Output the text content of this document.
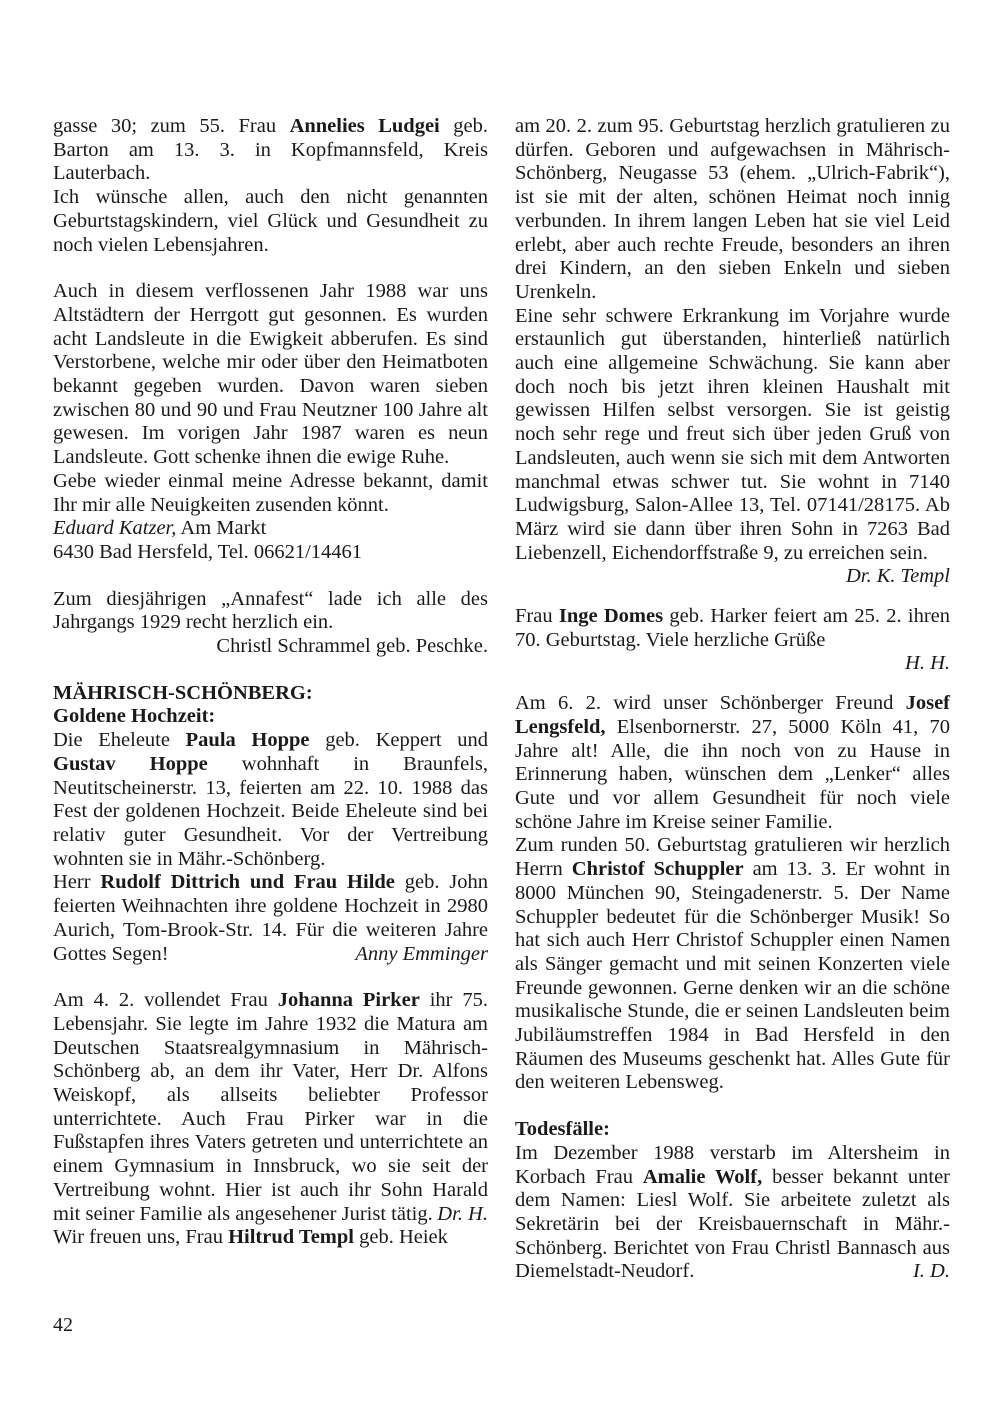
gasse 30; zum 55. Frau Annelies Ludgei geb. Barton am 13. 3. in Kopfmannsfeld, Kreis Lauterbach.

Ich wünsche allen, auch den nicht genannten Geburtstagskindern, viel Glück und Gesundheit zu noch vielen Lebensjahren.

Auch in diesem verflossenen Jahr 1988 war uns Altstädtern der Herrgott gut gesonnen. Es wurden acht Landsleute in die Ewigkeit abberufen. Es sind Verstorbene, welche mir oder über den Heimatboten bekannt gegeben wurden. Davon waren sieben zwischen 80 und 90 und Frau Neutzner 100 Jahre alt gewesen. Im vorigen Jahr 1987 waren es neun Landsleute. Gott schenke ihnen die ewige Ruhe.

Gebe wieder einmal meine Adresse bekannt, damit Ihr mir alle Neuigkeiten zusenden könnt.

Eduard Katzer, Am Markt

6430 Bad Hersfeld, Tel. 06621/14461

Zum diesjährigen „Annafest“ lade ich alle des Jahrgangs 1929 recht herzlich ein.

Christl Schrammel geb. Peschke.

MÄHRISCH-SCHÖNBERG:

Goldene Hochzeit:

Die Eheleute Paula Hoppe geb. Keppert und Gustav Hoppe wohnhaft in Braunfels, Neutitscheinerstr. 13, feierten am 22. 10. 1988 das Fest der goldenen Hochzeit. Beide Eheleute sind bei relativ guter Gesundheit. Vor der Vertreibung wohnten sie in Mähr.-Schönberg.

Herr Rudolf Dittrich und Frau Hilde geb. John feierten Weihnachten ihre goldene Hochzeit in 2980 Aurich, Tom-Brook-Str. 14. Für die weiteren Jahre Gottes Segen!	Anny Emminger

Am 4. 2. vollendet Frau Johanna Pirker ihr 75. Lebensjahr. Sie legte im Jahre 1932 die Matura am Deutschen Staatsrealgymnasium in Mährisch-Schönberg ab, an dem ihr Vater, Herr Dr. Alfons Weiskopf, als allseits beliebter Professor unterrichtete. Auch Frau Pirker war in die Fußstapfen ihres Vaters getreten und unterrichtete an einem Gymnasium in Innsbruck, wo sie seit der Vertreibung wohnt. Hier ist auch ihr Sohn Harald mit seiner Familie als angesehener Jurist tätig. Dr. H.

Wir freuen uns, Frau Hiltrud Templ geb. Heiek

am 20. 2. zum 95. Geburtstag herzlich gratulieren zu dürfen. Geboren und aufgewachsen in Mährisch-Schönberg, Neugasse 53 (ehem. „Ulrich-Fabrik“), ist sie mit der alten, schönen Heimat noch innig verbunden. In ihrem langen Leben hat sie viel Leid erlebt, aber auch rechte Freude, besonders an ihren drei Kindern, an den sieben Enkeln und sieben Urenkeln.

Eine sehr schwere Erkrankung im Vorjahre wurde erstaunlich gut überstanden, hinterließ natürlich auch eine allgemeine Schwächung. Sie kann aber doch noch bis jetzt ihren kleinen Haushalt mit gewissen Hilfen selbst versorgen. Sie ist geistig noch sehr rege und freut sich über jeden Gruß von Landsleuten, auch wenn sie sich mit dem Antworten manchmal etwas schwer tut. Sie wohnt in 7140 Ludwigsburg, Salon-Allee 13, Tel. 07141/28175. Ab März wird sie dann über ihren Sohn in 7263 Bad Liebenzell, Eichendorffstraße 9, zu erreichen sein.

Dr. K. Templ

Frau Inge Domes geb. Harker feiert am 25. 2. ihren 70. Geburtstag. Viele herzliche Grüße

H. H.

Am 6. 2. wird unser Schönberger Freund Josef Lengsfeld, Elsenbornerstr. 27, 5000 Köln 41, 70 Jahre alt! Alle, die ihn noch von zu Hause in Erinnerung haben, wünschen dem „Lenker“ alles Gute und vor allem Gesundheit für noch viele schöne Jahre im Kreise seiner Familie.

Zum runden 50. Geburtstag gratulieren wir herzlich Herrn Christof Schuppler am 13. 3. Er wohnt in 8000 München 90, Steingadenerstr. 5. Der Name Schuppler bedeutet für die Schönberger Musik! So hat sich auch Herr Christof Schuppler einen Namen als Sänger gemacht und mit seinen Konzerten viele Freunde gewonnen. Gerne denken wir an die schöne musikalische Stunde, die er seinen Landsleuten beim Jubiläumstreffen 1984 in Bad Hersfeld in den Räumen des Museums geschenkt hat. Alles Gute für den weiteren Lebensweg.

Todesfälle:

Im Dezember 1988 verstarb im Altersheim in Korbach Frau Amalie Wolf, besser bekannt unter dem Namen: Liesl Wolf. Sie arbeitete zuletzt als Sekretärin bei der Kreisbauernschaft in Mähr.-Schönberg. Berichtet von Frau Christl Bannasch aus Diemelstadt-Neudorf.	I. D.

42
